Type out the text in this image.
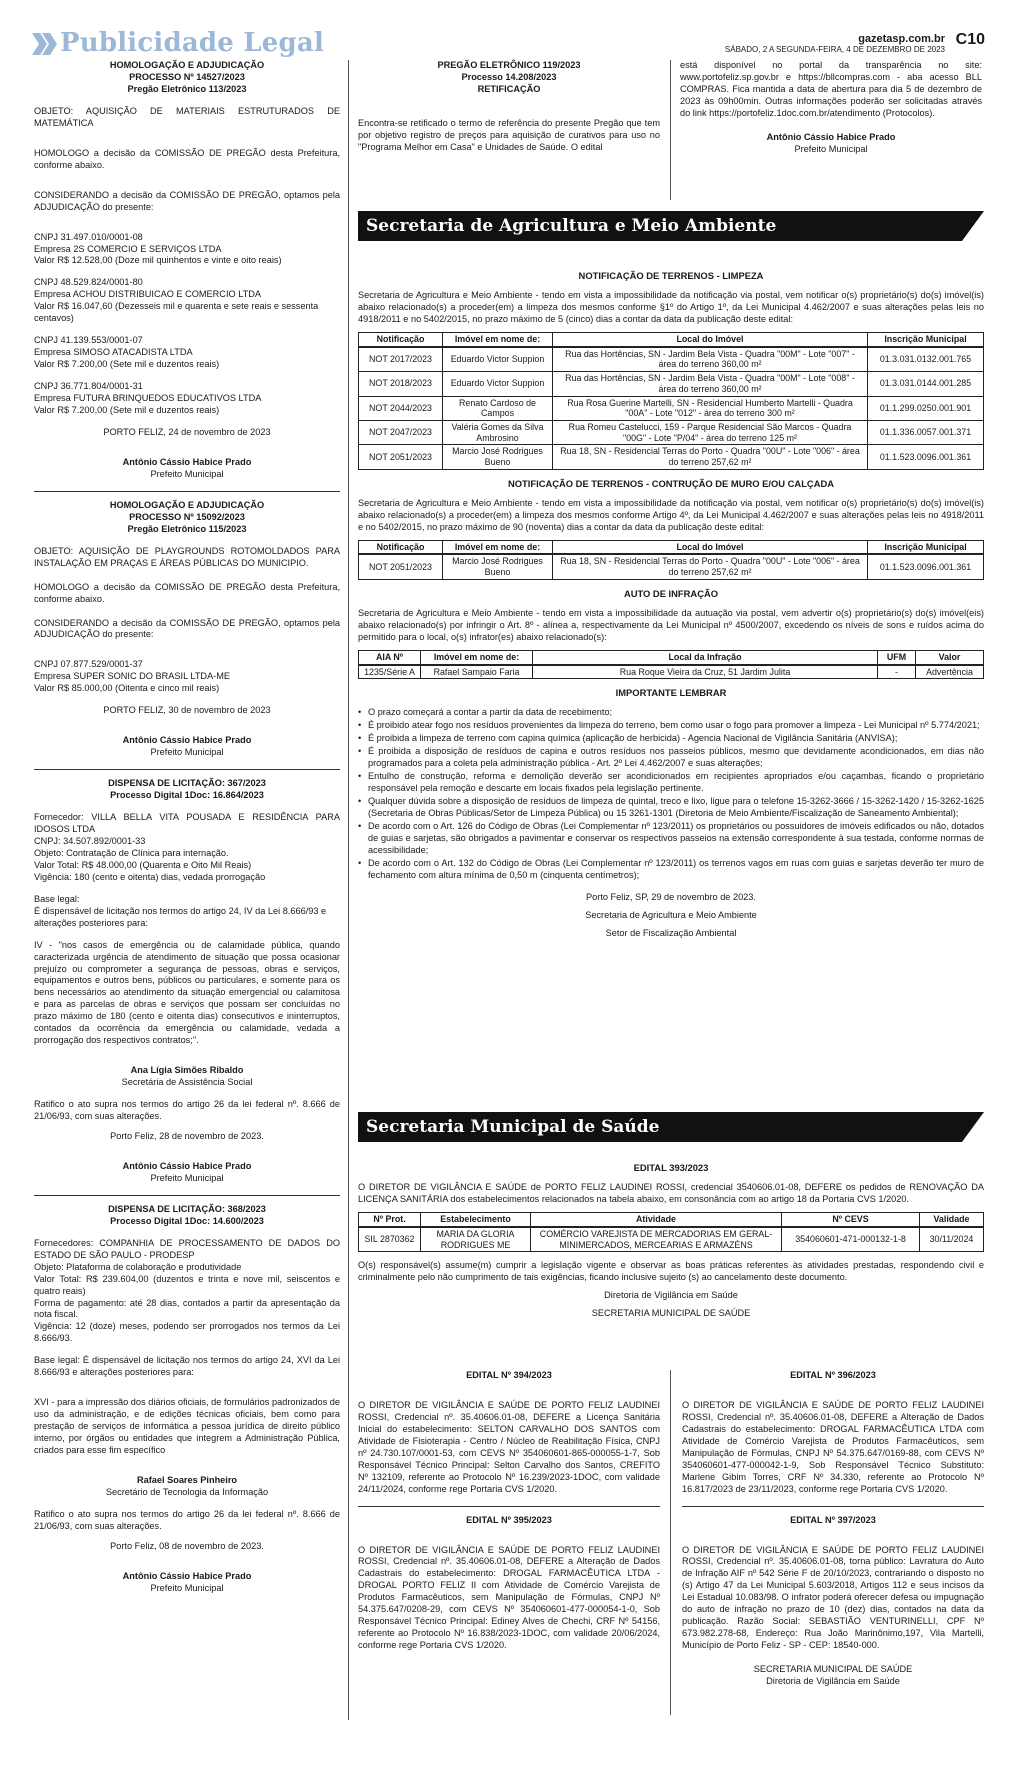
Publicidade Legal	gazetasp.com.br
SÁBADO, 2 A SEGUNDA-FEIRA, 4 DE DEZEMBRO DE 2023
C10

HOMOLOGAÇÃO E ADJUDICAÇÃO

PROCESSO Nº 14527/2023

Pregão Eletrônico 113/2023

OBJETO: AQUISIÇÃO DE MATERIAIS ESTRUTURADOS DE MATEMÁTICA

HOMOLOGO a decisão da COMISSÃO DE PREGÃO desta Prefeitura, conforme abaixo.

CONSIDERANDO a decisão da COMISSÃO DE PREGÃO, optamos pela ADJUDICAÇÃO do presente:

CNPJ 31.497.010/0001-08

Empresa 2S COMERCIO E SERVIÇOS LTDA

Valor R$ 12.528,00 (Doze mil quinhentos e vinte e oito reais)

CNPJ 48.529.824/0001-80

Empresa ACHOU DISTRIBUICAO E COMERCIO LTDA

Valor R$ 16.047,60 (Dezesseis mil e quarenta e sete reais e sessenta centavos)

CNPJ 41.139.553/0001-07

Empresa SIMOSO ATACADISTA LTDA

Valor R$ 7.200,00 (Sete mil e duzentos reais)

CNPJ 36.771.804/0001-31

Empresa FUTURA BRINQUEDOS EDUCATIVOS LTDA

Valor R$ 7.200,00 (Sete mil e duzentos reais)

PORTO FELIZ, 24 de novembro de 2023

Antônio Cássio Habice Prado

Prefeito Municipal

HOMOLOGAÇÃO E ADJUDICAÇÃO

PROCESSO Nº 15092/2023

Pregão Eletrônico 115/2023

OBJETO: AQUISIÇÃO DE PLAYGROUNDS ROTOMOLDADOS PARA INSTALAÇÃO EM PRAÇAS E ÁREAS PÚBLICAS DO MUNICIPIO.

HOMOLOGO a decisão da COMISSÃO DE PREGÃO desta Prefeitura, conforme abaixo.

CONSIDERANDO a decisão da COMISSÃO DE PREGÃO, optamos pela ADJUDICAÇÃO do presente:

CNPJ 07.877.529/0001-37

Empresa SUPER SONIC DO BRASIL LTDA-ME

Valor R$ 85.000,00 (Oitenta e cinco mil reais)

PORTO FELIZ, 30 de novembro de 2023

Antônio Cássio Habice Prado

Prefeito Municipal

DISPENSA DE LICITAÇÃO: 367/2023

Processo Digital 1Doc: 16.864/2023

Fornecedor: VILLA BELLA VITA POUSADA E RESIDÊNCIA PARA IDOSOS LTDA

CNPJ: 34.507.892/0001-33

Objeto: Contratação de Clínica para internação.

Valor Total: R$ 48.000,00 (Quarenta e Oito Mil Reais)

Vigência: 180 (cento e oitenta) dias, vedada prorrogação

Base legal:

É dispensável de licitação nos termos do artigo 24, IV da Lei 8.666/93 e alterações posteriores para:

IV - "nos casos de emergência ou de calamidade pública, quando caracterizada urgência de atendimento de situação que possa ocasionar prejuízo ou comprometer a segurança de pessoas, obras e serviços, equipamentos e outros bens, públicos ou particulares, e somente para os bens necessários ao atendimento da situação emergencial ou calamitosa e para as parcelas de obras e serviços que possam ser concluídas no prazo máximo de 180 (cento e oitenta dias) consecutivos e ininterruptos, contados da ocorrência da emergência ou calamidade, vedada a prorrogação dos respectivos contratos;".

Ana Lígia Simões Ribaldo

Secretária de Assistência Social

Ratifico o ato supra nos termos do artigo 26 da lei federal nº. 8.666 de 21/06/93, com suas alterações.

Porto Feliz, 28 de novembro de 2023.

Antônio Cássio Habice Prado

Prefeito Municipal

DISPENSA DE LICITAÇÃO: 368/2023

Processo Digital 1Doc: 14.600/2023

Fornecedores: COMPANHIA DE PROCESSAMENTO DE DADOS DO ESTADO DE SÃO PAULO - PRODESP

Objeto: Plataforma de colaboração e produtividade

Valor Total: R$ 239.604,00 (duzentos e trinta e nove mil, seiscentos e quatro reais)

Forma de pagamento: até 28 dias, contados a partir da apresentação da nota fiscal.

Vigência: 12 (doze) meses, podendo ser prorrogados nos termos da Lei 8.666/93.

Base legal: É dispensável de licitação nos termos do artigo 24, XVI da Lei 8.666/93 e alterações posteriores para:

XVI - para a impressão dos diários oficiais, de formulários padronizados de uso da administração, e de edições técnicas oficiais, bem como para prestação de serviços de informática a pessoa jurídica de direito público interno, por órgãos ou entidades que integrem a Administração Pública, criados para esse fim específico

Rafael Soares Pinheiro

Secretário de Tecnologia da Informação

Ratifico o ato supra nos termos do artigo 26 da lei federal nº. 8.666 de 21/06/93, com suas alterações.

Porto Feliz, 08 de novembro de 2023.

Antônio Cássio Habice Prado

Prefeito Municipal

PREGÃO ELETRÔNICO 119/2023

Processo 14.208/2023

RETIFICAÇÃO

Encontra-se retificado o termo de referência do presente Pregão que tem por objetivo registro de preços para aquisição de curativos para uso no "Programa Melhor em Casa" e Unidades de Saúde. O edital

está disponível no portal da transparência no site: www.portofeliz.sp.gov.br e https://bllcompras.com - aba acesso BLL COMPRAS. Fica mantida a data de abertura para dia 5 de dezembro de 2023 às 09h00min. Outras informações poderão ser solicitadas através do link https://portofeliz.1doc.com.br/atendimento (Protocolos).

Antônio Cássio Habice Prado

Prefeito Municipal

Secretaria de Agricultura e Meio Ambiente
NOTIFICAÇÃO DE TERRENOS - LIMPEZA

Secretaria de Agricultura e Meio Ambiente - tendo em vista a impossibilidade da notificação via postal, vem notificar o(s) proprietário(s) do(s) imóvel(is) abaixo relacionado(s) a proceder(em) a limpeza dos mesmos conforme §1º do Artigo 1º, da Lei Municipal 4.462/2007 e suas alterações pelas leis no 4918/2011 e no 5402/2015, no prazo máximo de 5 (cinco) dias a contar da data da publicação deste edital:

Notificação	Imóvel em nome de:	Local do Imóvel	Inscrição Municipal
NOT 2017/2023	Eduardo Victor Suppion	Rua das Hortências, SN - Jardim Bela Vista - Quadra "00M" - Lote "007" - área do terreno 360,00 m²	01.3.031.0132.001.765
NOT 2018/2023	Eduardo Victor Suppion	Rua das Hortências, SN - Jardim Bela Vista - Quadra "00M" - Lote "008" - área do terreno 360,00 m²	01.3.031.0144.001.285
NOT 2044/2023	Renato Cardoso de Campos	Rua Rosa Guerine Martelli, SN - Residencial Humberto Martelli - Quadra "00A" - Lote "012" - área do terreno 300 m²	01.1.299.0250.001.901
NOT 2047/2023	Valéria Gomes da Silva Ambrosino	Rua Romeu Castelucci, 159 - Parque Residencial São Marcos - Quadra "00G" - Lote "P/04" - área do terreno 125 m²	01.1.336.0057.001.371
NOT 2051/2023	Marcio José Rodrigues Bueno	Rua 18, SN - Residencial Terras do Porto - Quadra "00U" - Lote "006" - área do terreno 257,62 m²	01.1.523.0096.001.361
NOTIFICAÇÃO DE TERRENOS - CONTRUÇÃO DE MURO E/OU CALÇADA

Secretaria de Agricultura e Meio Ambiente - tendo em vista a impossibilidade da notificação via postal, vem notificar o(s) proprietário(s) do(s) imóvel(is) abaixo relacionado(s) a proceder(em) a limpeza dos mesmos conforme Artigo 4º, da Lei Municipal 4.462/2007 e suas alterações pelas leis no 4918/2011 e no 5402/2015, no prazo máximo de 90 (noventa) dias a contar da data da publicação deste edital:

Notificação	Imóvel em nome de:	Local do Imóvel	Inscrição Municipal
NOT 2051/2023	Marcio José Rodrigues Bueno	Rua 18, SN - Residencial Terras do Porto - Quadra "00U" - Lote "006" - área do terreno 257,62 m²	01.1.523.0096.001.361
AUTO DE INFRAÇÃO

Secretaria de Agricultura e Meio Ambiente - tendo em vista a impossibilidade da autuação via postal, vem advertir o(s) proprietário(s) do(s) imóvel(eis) abaixo relacionado(s) por infringir o Art. 8º - alínea a, respectivamente da Lei Municipal nº 4500/2007, excedendo os níveis de sons e ruídos acima do permitido para o local, o(s) infrator(es) abaixo relacionado(s):

AIA Nº	Imóvel em nome de:	Local da Infração	UFM	Valor
1235/Série A	Rafael Sampaio Faria	Rua Roque Vieira da Cruz, 51 Jardim Julita	-	Advertência
IMPORTANTE LEMBRAR
• O prazo começará a contar a partir da data de recebimento;
• É proibido atear fogo nos resíduos provenientes da limpeza do terreno, bem como usar o fogo para promover a limpeza - Lei Municipal nº 5.774/2021;
• É proibida a limpeza de terreno com capina química (aplicação de herbicida) - Agencia Nacional de Vigilância Sanitária (ANVISA);
• É proibida a disposição de resíduos de capina e outros resíduos nos passeios públicos, mesmo que devidamente acondicionados, em dias não programados para a coleta pela administração pública - Art. 2º Lei 4.462/2007 e suas alterações;
• Entulho de construção, reforma e demolição deverão ser acondicionados em recipientes apropriados e/ou caçambas, ficando o proprietário responsável pela remoção e descarte em locais fixados pela legislação pertinente.
• Qualquer dúvida sobre a disposição de resíduos de limpeza de quintal, treco e lixo, ligue para o telefone 15-3262-3666 / 15-3262-1420 / 15-3262-1625 (Secretaria de Obras Públicas/Setor de Limpeza Pública) ou 15 3261-1301 (Diretoria de Meio Ambiente/Fiscalização de Saneamento Ambiental);
• De acordo com o Art. 126 do Código de Obras (Lei Complementar nº 123/2011) os proprietários ou possuidores de imóveis edificados ou não, dotados de guias e sarjetas, são obrigados a pavimentar e conservar os respectivos passeios na extensão correspondente à sua testada, conforme normas de acessibilidade;
• De acordo com o Art. 132 do Código de Obras (Lei Complementar nº 123/2011) os terrenos vagos em ruas com guias e sarjetas deverão ter muro de fechamento com altura mínima de 0,50 m (cinquenta centímetros);

Porto Feliz, SP, 29 de novembro de 2023.

Secretaria de Agricultura e Meio Ambiente

Setor de Fiscalização Ambiental

Secretaria Municipal de Saúde
EDITAL 393/2023

O DIRETOR DE VIGILÂNCIA E SAÚDE de PORTO FELIZ LAUDINEI ROSSI, credencial 3540606.01-08, DEFERE os pedidos de RENOVAÇÃO DA LICENÇA SANITÁRIA dos estabelecimentos relacionados na tabela abaixo, em consonância com ao artigo 18 da Portaria CVS 1/2020.

Nº Prot.	Estabelecimento	Atividade	Nº CEVS	Validade
SIL 2870362	MARIA DA GLORIA RODRIGUES ME	COMÉRCIO VAREJISTA DE MERCADORIAS EM GERAL- MINIMERCADOS, MERCEARIAS E ARMAZÉNS	354060601-471-000132-1-8	30/11/2024

O(s) responsável(s) assume(m) cumprir a legislação vigente e observar as boas práticas referentes às atividades prestadas, respondendo civil e criminalmente pelo não cumprimento de tais exigências, ficando inclusive sujeito (s) ao cancelamento deste documento.

Diretoria de Vigilância em Saúde

SECRETARIA MUNICIPAL DE SAÚDE

EDITAL Nº 394/2023

O DIRETOR DE VIGILÂNCIA E SAÚDE DE PORTO FELIZ LAUDINEI ROSSI, Credencial nº. 35.40606.01-08, DEFERE a Licença Sanitária Inicial do estabelecimento: SELTON CARVALHO DOS SANTOS com Atividade de Fisioterapia - Centro / Núcleo de Reabilitação Física, CNPJ nº 24.730.107/0001-53, com CEVS Nº 354060601-865-000055-1-7, Sob Responsável Técnico Principal: Selton Carvalho dos Santos, CREFITO Nº 132109, referente ao Protocolo Nº 16.239/2023-1DOC, com validade 24/11/2024, conforme rege Portaria CVS 1/2020.

EDITAL Nº 395/2023

O DIRETOR DE VIGILÂNCIA E SAÚDE DE PORTO FELIZ LAUDINEI ROSSI, Credencial nº. 35.40606.01-08, DEFERE a Alteração de Dados Cadastrais do estabelecimento: DROGAL FARMACÊUTICA LTDA - DROGAL PORTO FELIZ II com Atividade de Comércio Varejista de Produtos Farmacêuticos, sem Manipulação de Fórmulas, CNPJ Nº 54.375.647/0208-29, com CEVS Nº 354060601-477-000054-1-0, Sob Responsável Técnico Principal: Ediney Alves de Chechi, CRF Nº 54156, referente ao Protocolo Nº 16.838/2023-1DOC, com validade 20/06/2024, conforme rege Portaria CVS 1/2020.

EDITAL Nº 396/2023

O DIRETOR DE VIGILÂNCIA E SAÚDE DE PORTO FELIZ LAUDINEI ROSSI, Credencial nº. 35.40606.01-08, DEFERE a Alteração de Dados Cadastrais do estabelecimento: DROGAL FARMACÊUTICA LTDA com Atividade de Comércio Varejista de Produtos Farmacêuticos, sem Manipulação de Fórmulas, CNPJ Nº 54.375.647/0169-88, com CEVS Nº 354060601-477-000042-1-9, Sob Responsável Técnico Substituto: Marlene Gibim Torres, CRF Nº 34.330, referente ao Protocolo Nº 16.817/2023 de 23/11/2023, conforme rege Portaria CVS 1/2020.

EDITAL Nº 397/2023

O DIRETOR DE VIGILÂNCIA E SAÚDE DE PORTO FELIZ LAUDINEI ROSSI, Credencial nº. 35.40606.01-08, torna público: Lavratura do Auto de Infração AIF nº 542 Série F de 20/10/2023, contrariando o disposto no (s) Artigo 47 da Lei Municipal 5.603/2018, Artigos 112 e seus incisos da Lei Estadual 10.083/98. O infrator poderá oferecer defesa ou impugnação do auto de infração no prazo de 10 (dez) dias, contados na data da publicação. Razão Social: SEBASTIÃO VENTURINELLI, CPF Nº 673.982.278-68, Endereço: Rua João Marinônimo,197, Vila Martelli, Município de Porto Feliz - SP - CEP: 18540-000.

SECRETARIA MUNICIPAL DE SAÚDE

Diretoria de Vigilância em Saúde
